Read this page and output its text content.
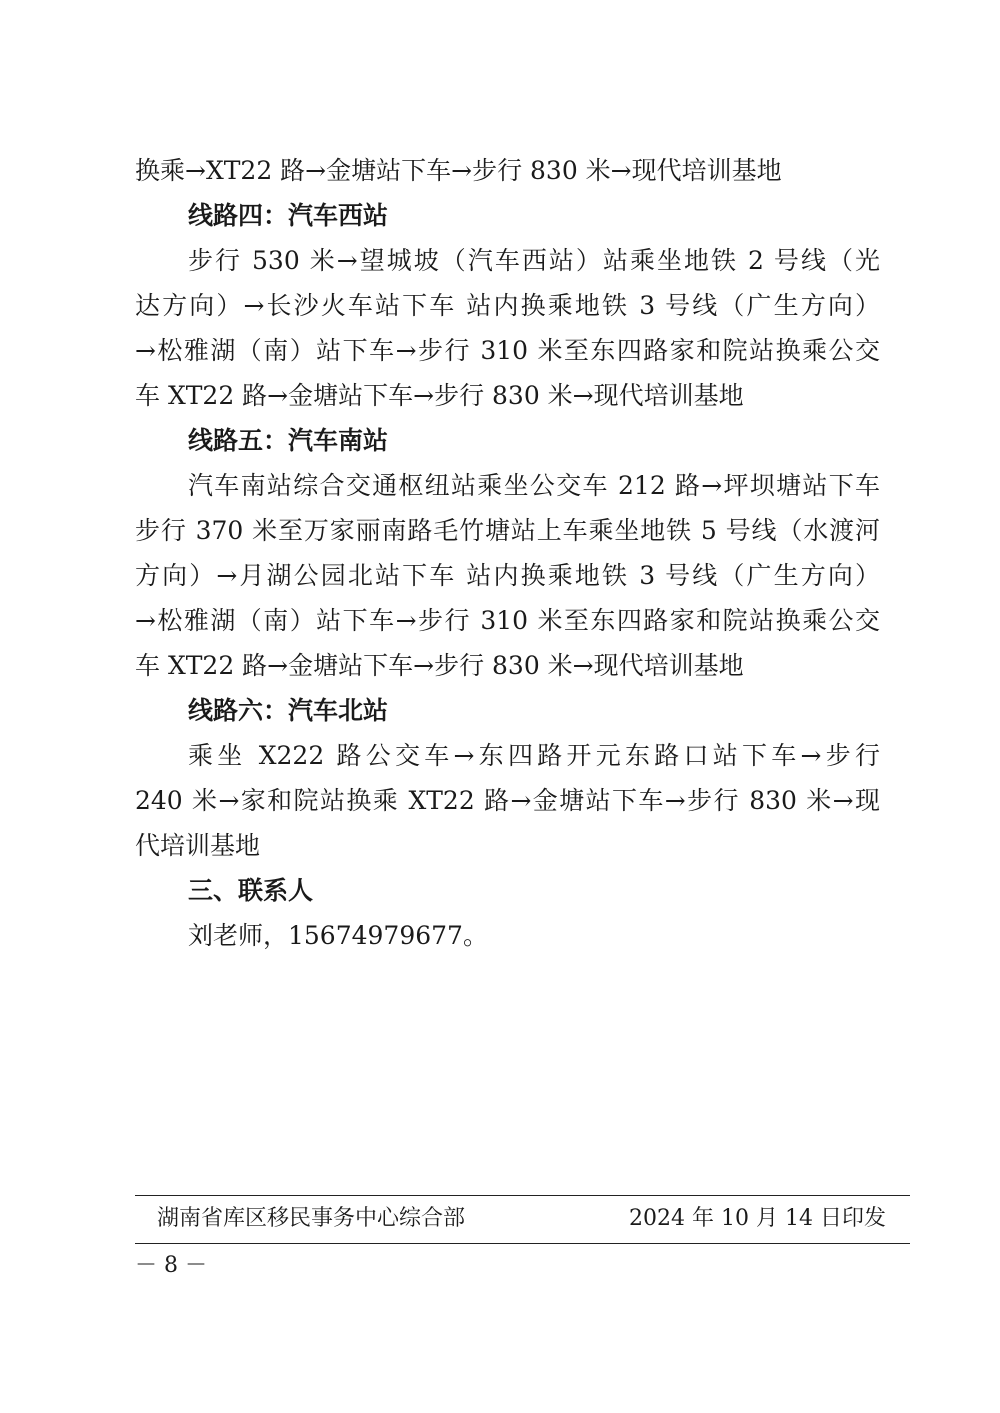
换乘→XT22 路→金塘站下车→步行 830 米→现代培训基地
线路四：汽车西站
步行 530 米→望城坡（汽车西站）站乘坐地铁 2 号线（光
达方向）→长沙火车站下车 站内换乘地铁 3 号线（广生方向）
→松雅湖（南）站下车→步行 310 米至东四路家和院站换乘公交
车 XT22 路→金塘站下车→步行 830 米→现代培训基地
线路五：汽车南站
汽车南站综合交通枢纽站乘坐公交车 212 路→坪坝塘站下车
步行 370 米至万家丽南路毛竹塘站上车乘坐地铁 5 号线（水渡河
方向）→月湖公园北站下车 站内换乘地铁 3 号线（广生方向）
→松雅湖（南）站下车→步行 310 米至东四路家和院站换乘公交
车 XT22 路→金塘站下车→步行 830 米→现代培训基地
线路六：汽车北站
乘坐 X222 路公交车→东四路开元东路口站下车→步行
240 米→家和院站换乘 XT22 路→金塘站下车→步行 830 米→现
代培训基地
三、联系人
刘老师，15674979677。
湖南省库区移民事务中心综合部	2024 年 10 月 14 日印发
－ 8 －
